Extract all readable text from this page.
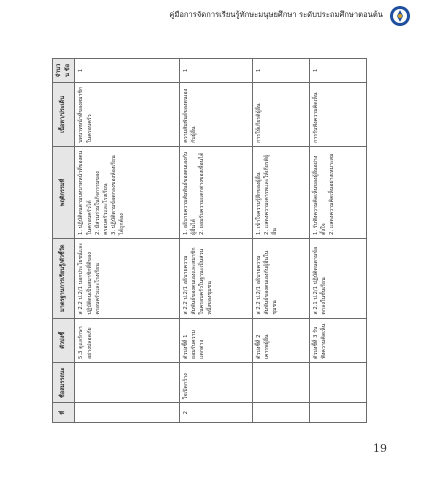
คู่มือการจัดการเรียนรู้ทักษะมนุษยศึกษา ระดับประถมศึกษาตอนต้น
ที่	ชื่อสมรรถนะ	ตัวบ่งชี้	มาตรฐานการเรียนรู้/ตัวชี้วัด	พฤติกรรมที่	เนื้อหา/ประเด็น	จำนวน ข้อ
		5.3 ดูแลรักษาอย่างปลอดภัย	ส 2.2 ป.2/1 บอกประโยชน์และปฏิบัติตนเป็นสมาชิกที่ดีของครอบครัวและโรงเรียน	1. ปฏิบัติตนตามบทบาทหน้าที่ของตนในครอบครัวได้ 2. มีส่วนร่วมในกิจกรรมของครอบครัวและโรงเรียน 3. ปฏิบัติตามข้อตกลงของห้องเรียนได้ถูกต้อง	บทบาทหน้าที่ของสมาชิกในครอบครัว	1
2	ใจเปิดกว้าง	ตัวบ่งชี้ที่ 1 ยอมรับความแตกต่าง	ส 2.2 ป.2/1 อธิบายความสัมพันธ์ของตนเองและสมาชิกในครอบครัวในฐานะเป็นส่วนหนึ่งของชุมชน	1. อธิบายความสัมพันธ์ของตนเองกับผู้อื่นได้ 2. ยอมรับความแตกต่างของเพื่อนได้	ความสัมพันธ์ของตนเองกับผู้อื่น	1
		ตัวบ่งชี้ที่ 2 เคารพผู้อื่น	ส 2.2 ป.2/1 อธิบายความสัมพันธ์ของตนเองกับผู้อื่นในชุมชน	1. เข้าใจความรู้สึกของผู้อื่น 2. แสดงความเคารพและให้เกียรติผู้อื่น	การให้เกียรติผู้อื่น	1
		ตัวบ่งชี้ที่ 3 รับฟังความคิดเห็น	ส 2.1 ป.2/1 ปฏิบัติตนตามข้อตกลงในชั้นเรียน	1. รับฟังความคิดเห็นของผู้อื่นอย่างตั้งใจ 2. แสดงความคิดเห็นอย่างเหมาะสม	การรับฟังความคิดเห็น	1
19
